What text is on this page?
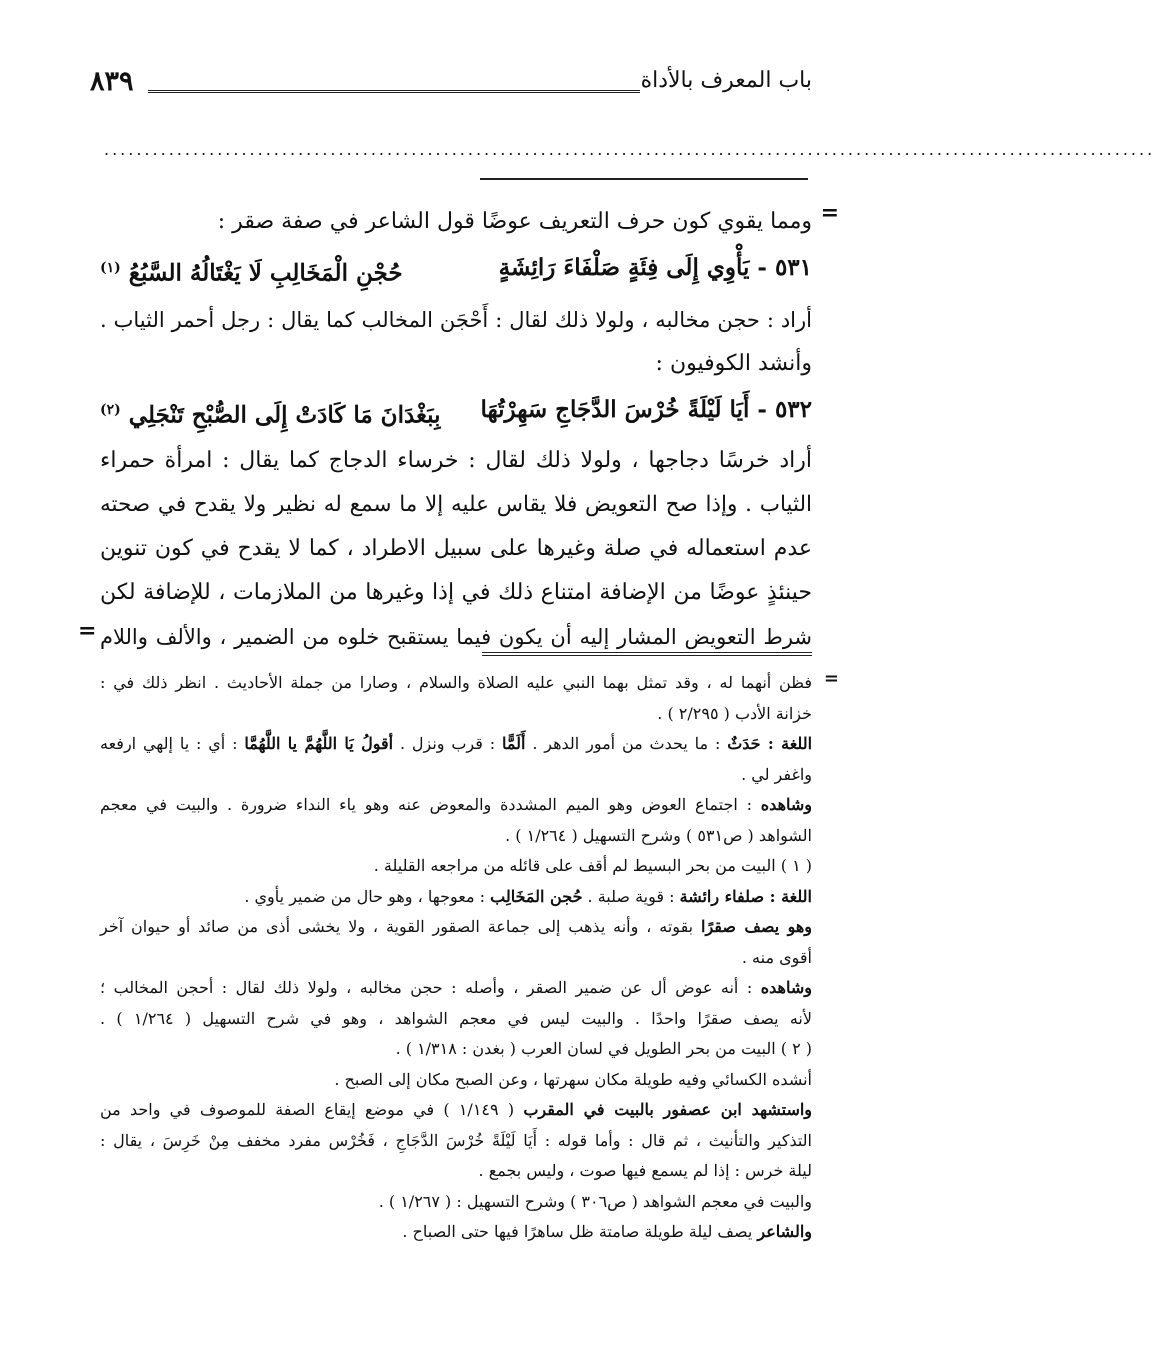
باب المعرف بالأداة
٨٣٩
..................................................................................................................................
=
ومما يقوي كون حرف التعريف عوضًا قول الشاعر في صفة صقر :
٥٣١ - يَأْوِي إِلَى فِئَةٍ صَلْفَاءَ رَائِشَةٍ
حُجْنِ الْمَخَالِبِ لَا يَغْتَالُهُ السَّبُعُ $^{(١)}$
أراد : حجن مخالبه ، ولولا ذلك لقال : أَحْجَن المخالب كما يقال : رجل أحمر الثياب .
وأنشد الكوفيون :
٥٣٢ - أَيَا لَيْلَةً خُرْسَ الدَّجَاجِ سَهِرْتُهَا
بِبَغْدَانَ مَا كَادَتْ إِلَى الصُّبْحِ تَنْجَلِي $^{(٢)}$
أراد خرسًا دجاجها ، ولولا ذلك لقال : خرساء الدجاج كما يقال : امرأة حمراء
الثياب . وإذا صح التعويض فلا يقاس عليه إلا ما سمع له نظير ولا يقدح في صحته
عدم استعماله في صلة وغيرها على سبيل الاطراد ، كما لا يقدح في كون تنوين
حينئذٍ عوضًا من الإضافة امتناع ذلك في إذا وغيرها من الملازمات ، للإضافة لكن
شرط التعويض المشار إليه أن يكون فيما يستقبح خلوه من الضمير ، والألف واللام
=
=
فظن أنهما له ، وقد تمثل بهما النبي عليه الصلاة والسلام ، وصارا من جملة الأحاديث . انظر ذلك في :
خزانة الأدب ( ٢/٢٩٥ ) .
اللغة : حَدَثٌ : ما يحدث من أمور الدهر . أَلَمًّا : قرب ونزل . أقولُ يَا اللَّهُمَّ يا اللَّهُمَّا : أي : يا إلهي ارفعه
واغفر لي .
وشاهده : اجتماع العوض وهو الميم المشددة والمعوض عنه وهو ياء النداء ضرورة . والبيت في معجم
الشواهد ( ص٥٣١ ) وشرح التسهيل ( ١/٢٦٤ ) .
( ١ ) البيت من بحر البسيط لم أقف على قائله من مراجعه القليلة .
اللغة : صلفاء رائشة : قوية صلبة . حُجن المَخَالِب : معوجها ، وهو حال من ضمير يأوي .
وهو يصف صقرًا بقوته ، وأنه يذهب إلى جماعة الصقور القوية ، ولا يخشى أذى من صائد أو حيوان آخر
أقوى منه .
وشاهده : أنه عوض أل عن ضمير الصقر ، وأصله : حجن مخالبه ، ولولا ذلك لقال : أحجن المخالب ؛
لأنه يصف صقرًا واحدًا . والبيت ليس في معجم الشواهد ، وهو في شرح التسهيل ( ١/٢٦٤ ) .
( ٢ ) البيت من بحر الطويل في لسان العرب ( بغدن : ١/٣١٨ ) .
أنشده الكسائي وفيه طويلة مكان سهرتها ، وعن الصبح مكان إلى الصبح .
واستشهد ابن عصفور بالبيت في المقرب ( ١/١٤٩ ) في موضع إيقاع الصفة للموصوف في واحد من
التذكير والتأنيث ، ثم قال : وأما قوله : أَيَا لَيْلَةً خُرْسَ الدَّجَاجِ ، فَخُرْس مفرد مخفف مِنْ خَرِسَ ، يقال :
ليلة خرس : إذا لم يسمع فيها صوت ، وليس بجمع .
والبيت في معجم الشواهد ( ص٣٠٦ ) وشرح التسهيل : ( ١/٢٦٧ ) .
والشاعر يصف ليلة طويلة صامتة ظل ساهرًا فيها حتى الصباح .
